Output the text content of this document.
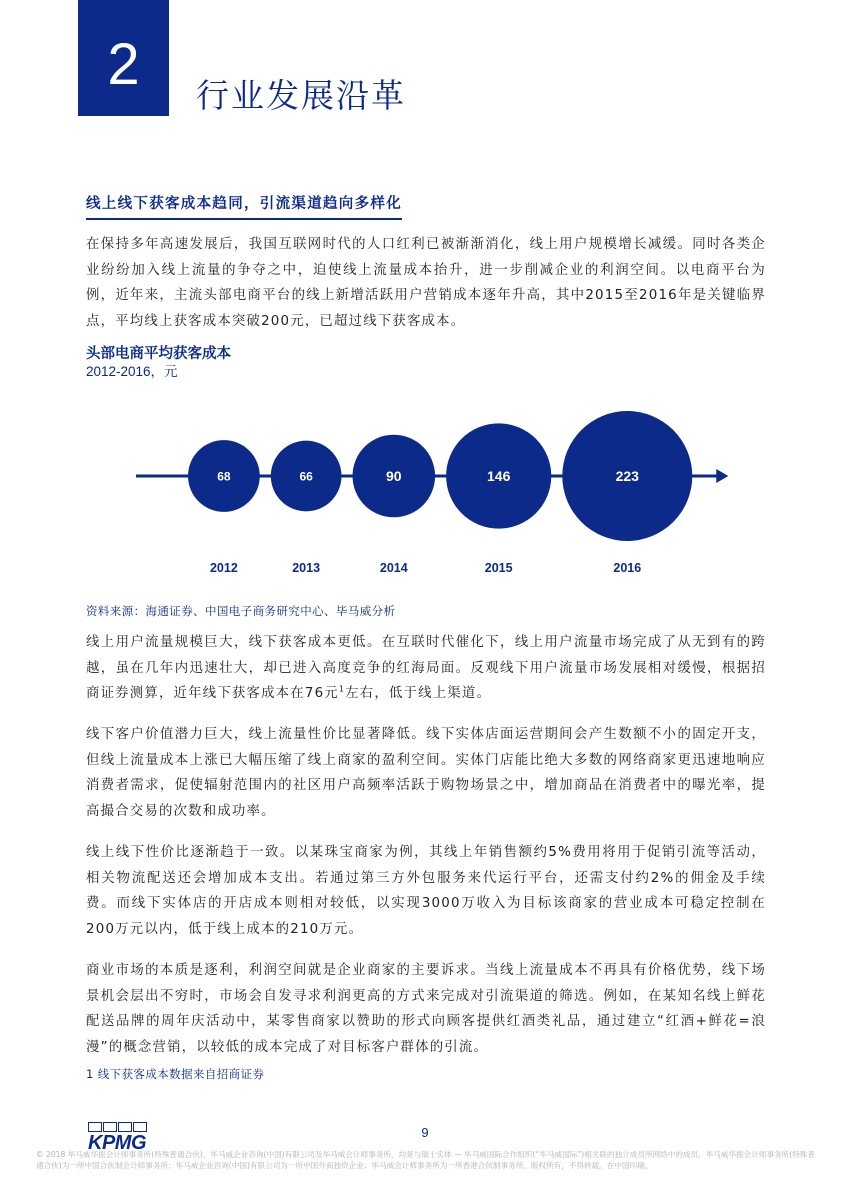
2	行业发展沿革
线上线下获客成本趋同，引流渠道趋向多样化

在保持多年高速发展后，我国互联网时代的人口红利已被渐渐消化，线上用户规模增长减缓。同时各类企业纷纷加入线上流量的争夺之中，迫使线上流量成本抬升，进一步削减企业的利润空间。以电商平台为例，近年来，主流头部电商平台的线上新增活跃用户营销成本逐年升高，其中2015至2016年是关键临界点，平均线上获客成本突破200元，已超过线下获客成本。

头部电商平均获客成本
2012-2016，元
68
2012
66
2013
90
2014
146
2015
223
2016
资料来源：海通证券、中国电子商务研究中心、毕马威分析

线上用户流量规模巨大，线下获客成本更低。在互联时代催化下，线上用户流量市场完成了从无到有的跨越，虽在几年内迅速壮大，却已进入高度竞争的红海局面。反观线下用户流量市场发展相对缓慢，根据招商证券测算，近年线下获客成本在76元$^1$左右，低于线上渠道。

线下客户价值潜力巨大，线上流量性价比显著降低。线下实体店面运营期间会产生数额不小的固定开支，但线上流量成本上涨已大幅压缩了线上商家的盈利空间。实体门店能比绝大多数的网络商家更迅速地响应消费者需求，促使辐射范围内的社区用户高频率活跃于购物场景之中，增加商品在消费者中的曝光率，提高撮合交易的次数和成功率。

线上线下性价比逐渐趋于一致。以某珠宝商家为例，其线上年销售额约5%费用将用于促销引流等活动，相关物流配送还会增加成本支出。若通过第三方外包服务来代运行平台，还需支付约2%的佣金及手续费。而线下实体店的开店成本则相对较低，以实现3000万收入为目标该商家的营业成本可稳定控制在200万元以内，低于线上成本的210万元。

商业市场的本质是逐利，利润空间就是企业商家的主要诉求。当线上流量成本不再具有价格优势，线下场景机会层出不穷时，市场会自发寻求利润更高的方式来完成对引流渠道的筛选。例如，在某知名线上鲜花配送品牌的周年庆活动中，某零售商家以赞助的形式向顾客提供红酒类礼品，通过建立“红酒+鲜花=浪漫”的概念营销，以较低的成本完成了对目标客户群体的引流。

1 线下获客成本数据来自招商证券
KPMG	9
© 2018 毕马威华振会计师事务所(特殊普通合伙)、毕马威企业咨询(中国)有限公司及毕马威会计师事务所，均是与瑞士实体 — 毕马威国际合作组织(“毕马威国际”)相关联的独立成员所网络中的成员。毕马威华振会计师事务所(特殊普通合伙)为一所中国合伙制会计师事务所；毕马威企业咨询(中国)有限公司为一所中国外商独资企业；毕马威会计师事务所为一所香港合伙制事务所。版权所有，不得转载。在中国印刷。
